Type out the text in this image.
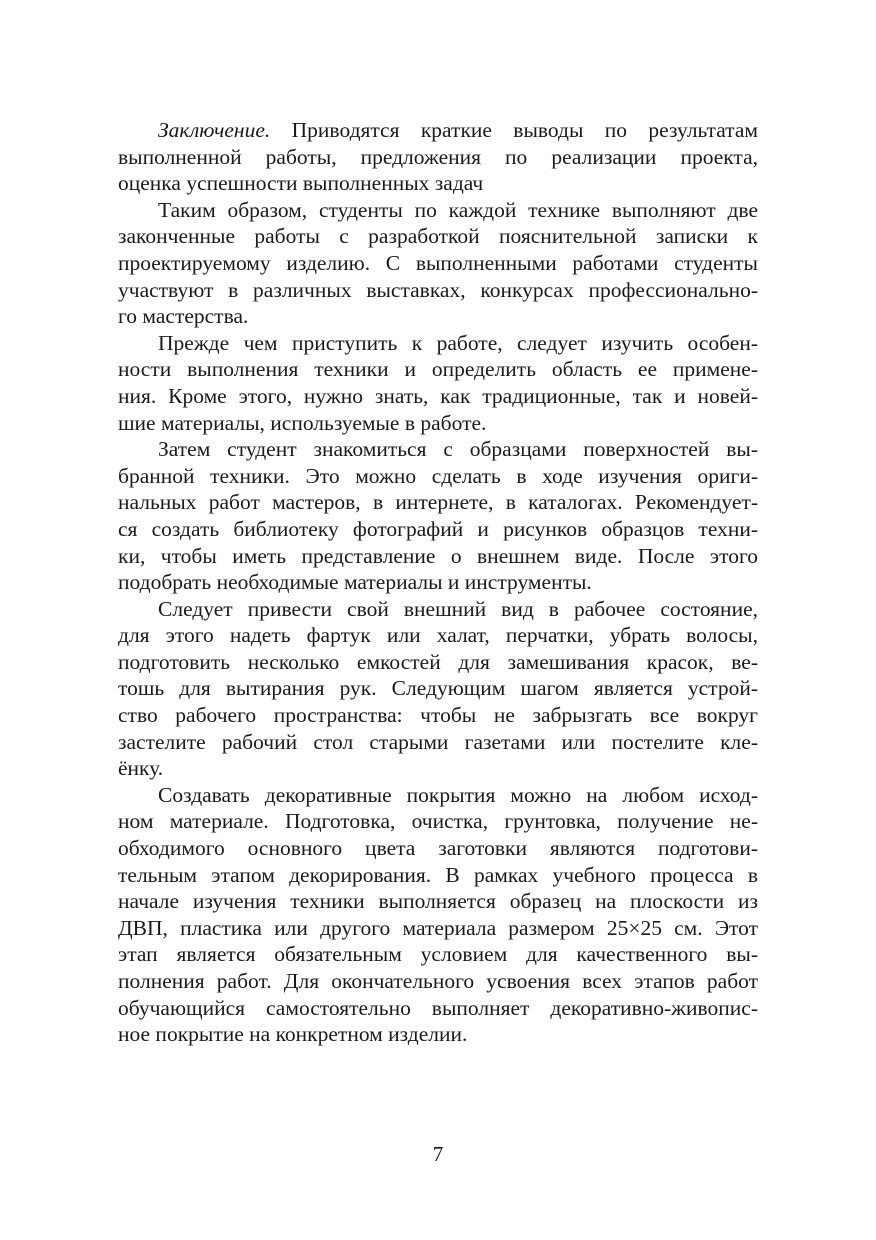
Заключение. Приводятся краткие выводы по результатам
выполненной работы, предложения по реализации проекта,
оценка успешности выполненных задач
Таким образом, студенты по каждой технике выполняют две
законченные работы с разработкой пояснительной записки к
проектируемому изделию. С выполненными работами студенты
участвуют в различных выставках, конкурсах профессионально-
го мастерства.
Прежде чем приступить к работе, следует изучить особен-
ности выполнения техники и определить область ее примене-
ния. Кроме этого, нужно знать, как традиционные, так и новей-
шие материалы, используемые в работе.
Затем студент знакомиться с образцами поверхностей вы-
бранной техники. Это можно сделать в ходе изучения ориги-
нальных работ мастеров, в интернете, в каталогах. Рекомендует-
ся создать библиотеку фотографий и рисунков образцов техни-
ки, чтобы иметь представление о внешнем виде. После этого
подобрать необходимые материалы и инструменты.
Следует привести свой внешний вид в рабочее состояние,
для этого надеть фартук или халат, перчатки, убрать волосы,
подготовить несколько емкостей для замешивания красок, ве-
тошь для вытирания рук. Следующим шагом является устрой-
ство рабочего пространства: чтобы не забрызгать все вокруг
застелите рабочий стол старыми газетами или постелите кле-
ёнку.
Создавать декоративные покрытия можно на любом исход-
ном материале. Подготовка, очистка, грунтовка, получение не-
обходимого основного цвета заготовки являются подготови-
тельным этапом декорирования. В рамках учебного процесса в
начале изучения техники выполняется образец на плоскости из
ДВП, пластика или другого материала размером 25×25 см. Этот
этап является обязательным условием для качественного вы-
полнения работ. Для окончательного усвоения всех этапов работ
обучающийся самостоятельно выполняет декоративно-живопис-
ное покрытие на конкретном изделии.
7
